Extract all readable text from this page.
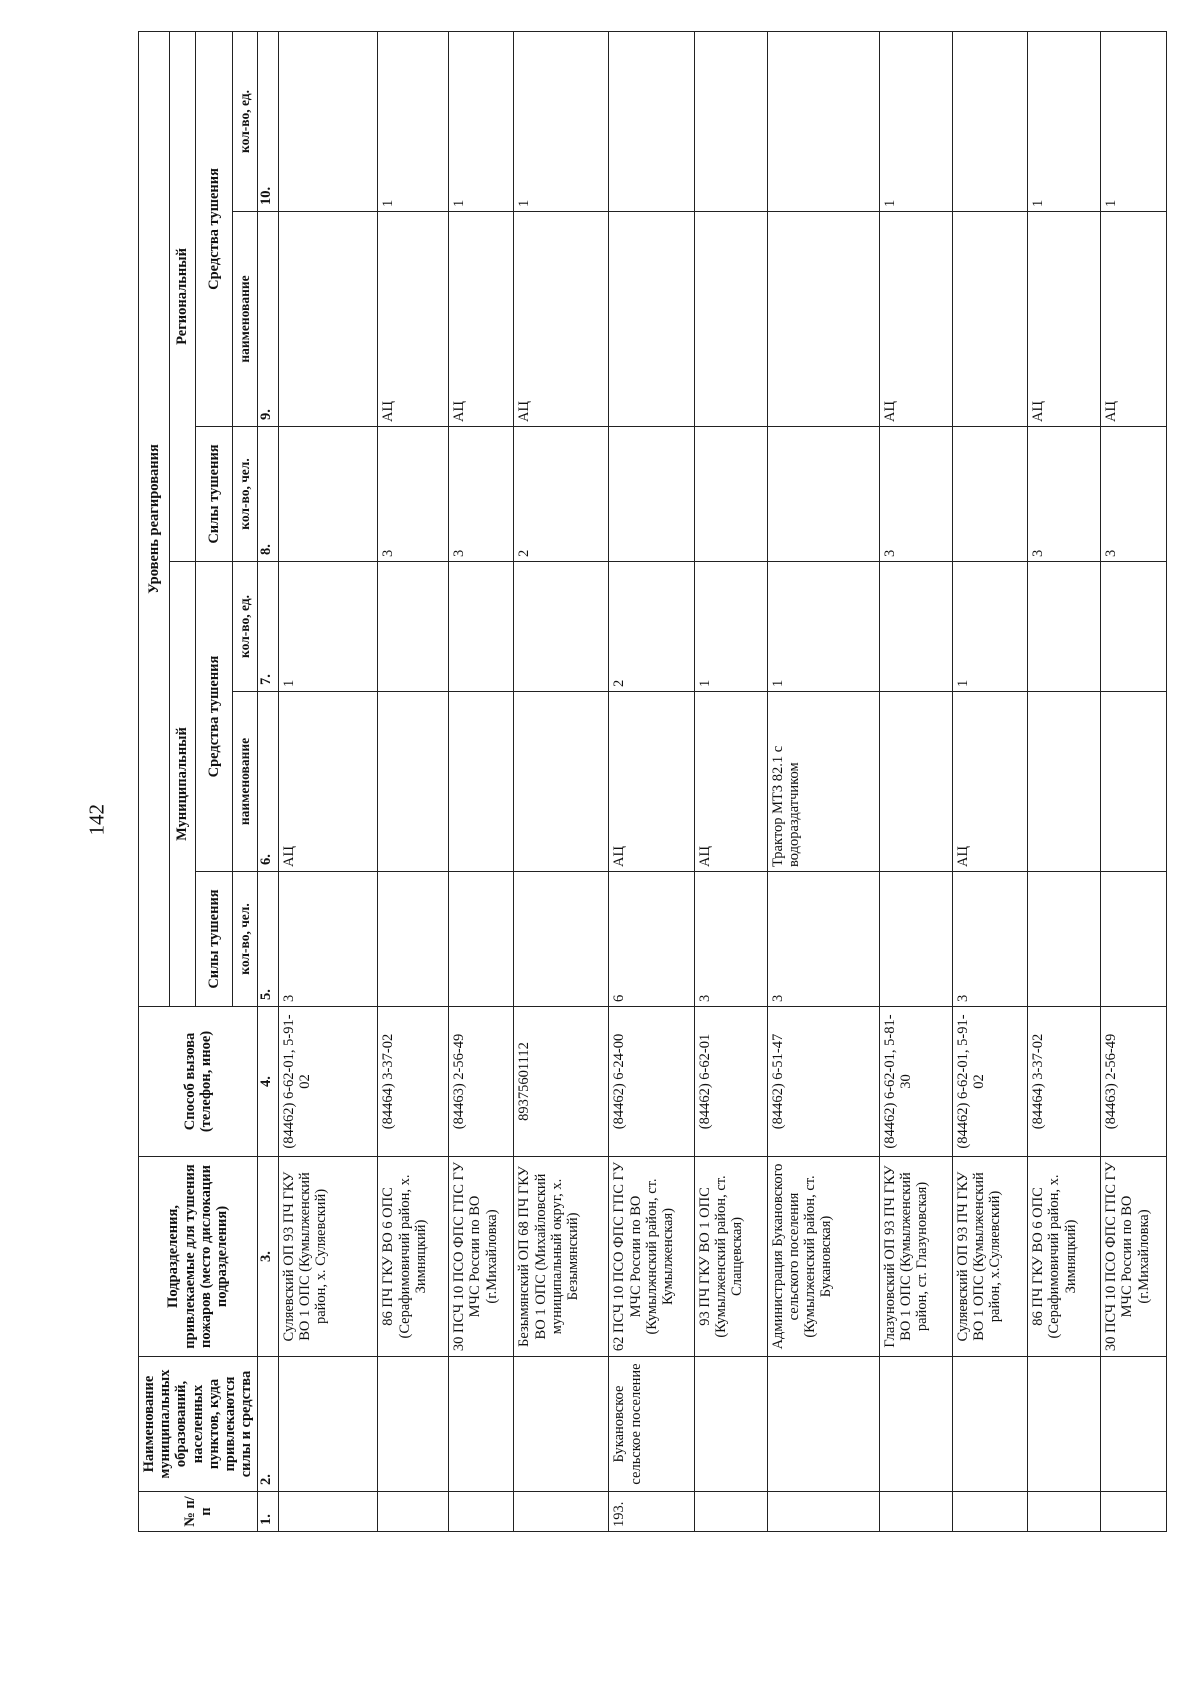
142
№ п/п	Наименование муниципальных образований, населенных пунктов, куда привлекаются силы и средства	Подразделения, привлекаемые для тушения пожаров (место дислокации подразделения)	Способ вызова (телефон, иное)	Уровень реагирования					
				Муниципальный			Региональный		
				Силы тушения	Средства тушения		Силы тушения	Средства тушения	
				кол-во, чел.	наименование	кол-во, ед.	кол-во, чел.	наименование	кол-во, ед.
1.	2.	3.	4.	5.	6.	7.	8.	9.	10.
		Суляевский ОП 93 ПЧ ГКУ ВО 1 ОПС (Кумылженский район, х. Суляевский)	(84462) 6-62-01, 5-91-02	3	АЦ	1			
		86 ПЧ ГКУ ВО 6 ОПС (Серафимовичий район, х. Зимняцкий)	(84464) 3-37-02				3	АЦ	1
		30 ПСЧ 10 ПСО ФПС ГПС ГУ МЧС России по ВО (г.Михайловка)	(84463) 2-56-49				3	АЦ	1
		Безымянский ОП 68 ПЧ ГКУ ВО 1 ОПС (Михайловский муниципальный округ, х. Безымянский)	89375601112				2	АЦ	1
193.	Букановское сельское поселение	62 ПСЧ 10 ПСО ФПС ГПС ГУ МЧС России по ВО (Кумылжнский район, ст. Кумылженская)	(84462) 6-24-00	6	АЦ	2			
		93 ПЧ ГКУ ВО 1 ОПС (Кумылженский район, ст. Слащевская)	(84462) 6-62-01	3	АЦ	1			
		Администрация Букановского сельского поселения (Кумылженский район, ст. Букановская)	(84462) 6-51-47	3	Трактор МТЗ 82.1 с водораздатчиком	1			
		Глазуновский ОП 93 ПЧ ГКУ ВО 1 ОПС (Кумылженский район, ст. Глазуновская)	(84462) 6-62-01, 5-81-30				3	АЦ	1
		Суляевский ОП 93 ПЧ ГКУ ВО 1 ОПС (Кумылженский район, х.Суляевский)	(84462) 6-62-01, 5-91-02	3	АЦ	1			
		86 ПЧ ГКУ ВО 6 ОПС (Серафимовичий район, х. Зимняцкий)	(84464) 3-37-02				3	АЦ	1
		30 ПСЧ 10 ПСО ФПС ГПС ГУ МЧС России по ВО (г.Михайловка)	(84463) 2-56-49				3	АЦ	1
